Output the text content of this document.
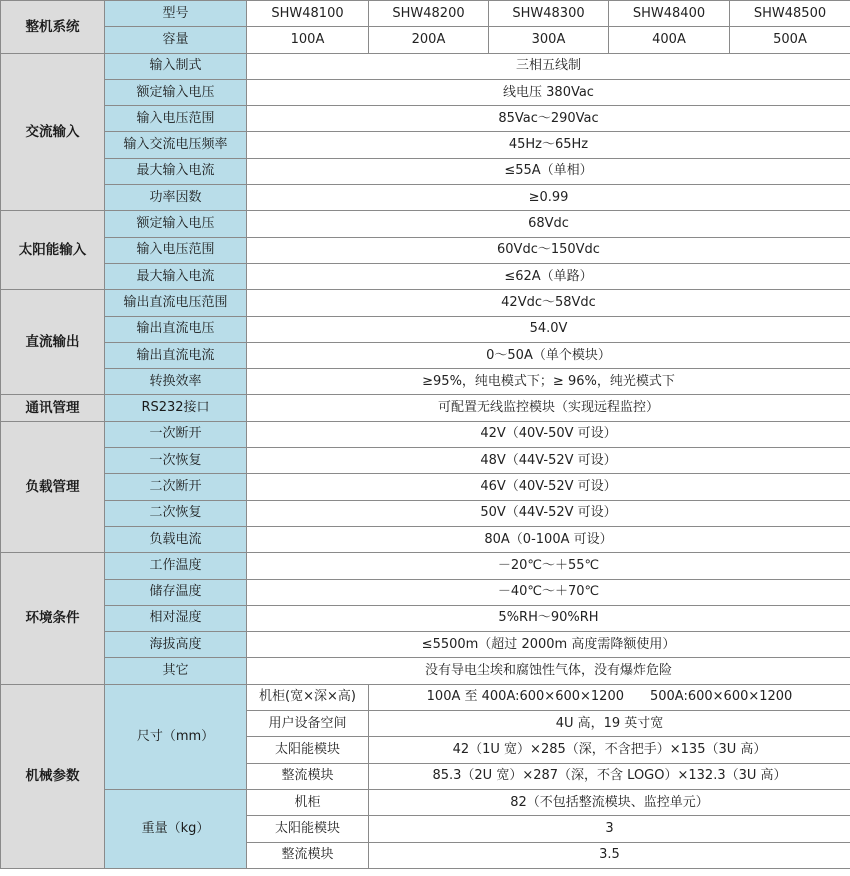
整机系统	型号	SHW48100	SHW48200	SHW48300	SHW48400	SHW48500
	容量	100A	200A	300A	400A	500A
交流输入	输入制式	三相五线制				
	额定输入电压	线电压 380Vac				
	输入电压范围	85Vac～290Vac				
	输入交流电压频率	45Hz～65Hz				
	最大输入电流	≤55A（单相）				
	功率因数	≥0.99				
太阳能输入	额定输入电压	68Vdc				
	输入电压范围	60Vdc～150Vdc				
	最大输入电流	≤62A（单路）				
直流输出	输出直流电压范围	42Vdc～58Vdc				
	输出直流电压	54.0V				
	输出直流电流	0～50A（单个模块）				
	转换效率	≥95%，纯电模式下；≥ 96%，纯光模式下				
通讯管理	RS232接口	可配置无线监控模块（实现远程监控）				
负载管理	一次断开	42V（40V-50V 可设）				
	一次恢复	48V（44V-52V 可设）				
	二次断开	46V（40V-52V 可设）				
	二次恢复	50V（44V-52V 可设）				
	负载电流	80A（0-100A 可设）				
环境条件	工作温度	－20℃～＋55℃				
	储存温度	－40℃～＋70℃				
	相对湿度	5%RH～90%RH				
	海拔高度	≤5500m（超过 2000m 高度需降额使用）				
	其它	没有导电尘埃和腐蚀性气体，没有爆炸危险				
机械参数	尺寸（mm）	机柜(宽×深×高)	100A 至 400A:600×600×1200　　500A:600×600×1200			
		用户设备空间	4U 高，19 英寸宽			
		太阳能模块	42（1U 宽）×285（深，不含把手）×135（3U 高）			
		整流模块	85.3（2U 宽）×287（深，不含 LOGO）×132.3（3U 高）			
	重量（kg）	机柜	82（不包括整流模块、监控单元）			
		太阳能模块	3			
		整流模块	3.5			
